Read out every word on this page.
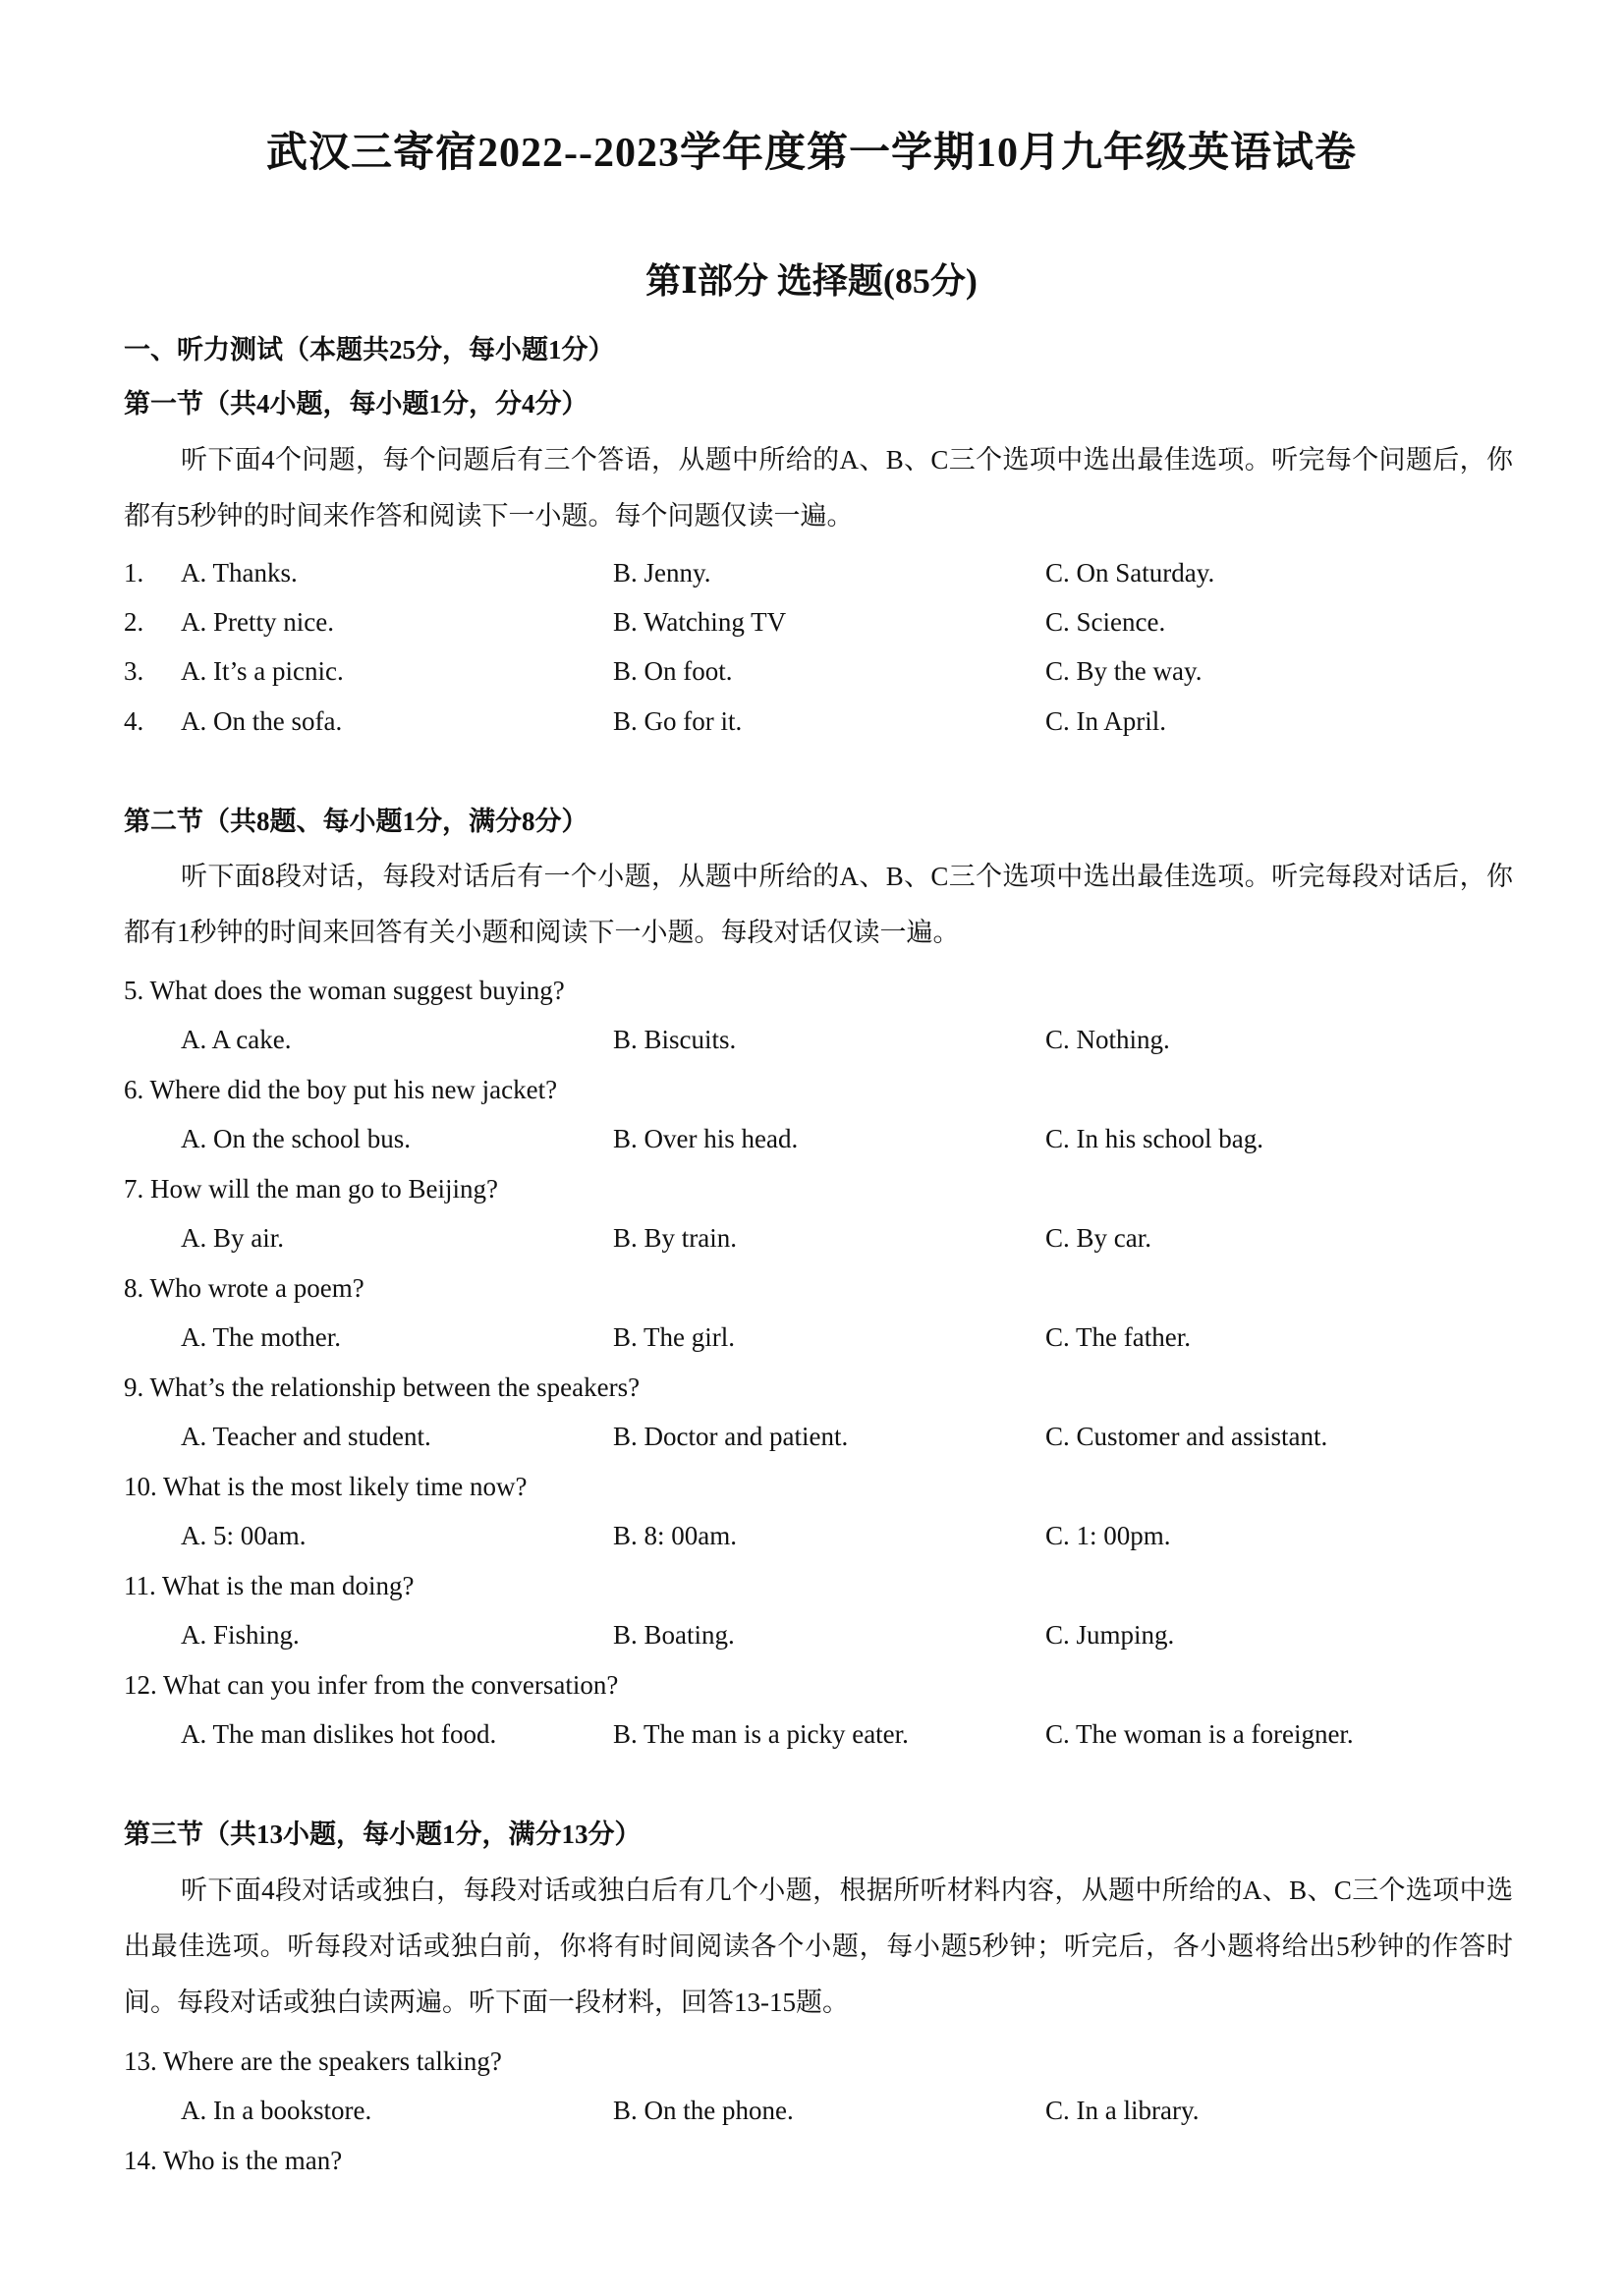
武汉三寄宿2022--2023学年度第一学期10月九年级英语试卷
第Ⅰ部分 选择题(85分)
一、听力测试（本题共25分，每小题1分）
第一节（共4小题，每小题1分，分4分）
听下面4个问题，每个问题后有三个答语，从题中所给的A、B、C三个选项中选出最佳选项。听完每个问题后，你都有5秒钟的时间来作答和阅读下一小题。每个问题仅读一遍。
1. A. Thanks.	B. Jenny.	C. On Saturday.
2. A. Pretty nice.	B. Watching TV	C. Science.
3. A. It’s a picnic.	B. On foot.	C. By the way.
4. A. On the sofa.	B. Go for it.	C. In April.
第二节（共8题、每小题1分，满分8分）
听下面8段对话，每段对话后有一个小题，从题中所给的A、B、C三个选项中选出最佳选项。听完每段对话后，你都有1秒钟的时间来回答有关小题和阅读下一小题。每段对话仅读一遍。
5. What does the woman suggest buying?
A. A cake.	B. Biscuits.	C. Nothing.
6. Where did the boy put his new jacket?
A. On the school bus.	B. Over his head.	C. In his school bag.
7. How will the man go to Beijing?
A. By air.	B. By train.	C. By car.
8. Who wrote a poem?
A. The mother.	B. The girl.	C. The father.
9. What’s the relationship between the speakers?
A. Teacher and student.	B. Doctor and patient.	C. Customer and assistant.
10. What is the most likely time now?
A. 5: 00am.	B. 8: 00am.	C. 1: 00pm.
11. What is the man doing?
A. Fishing.	B. Boating.	C. Jumping.
12. What can you infer from the conversation?
A. The man dislikes hot food.	B. The man is a picky eater.	C. The woman is a foreigner.
第三节（共13小题，每小题1分，满分13分）
听下面4段对话或独白，每段对话或独白后有几个小题，根据所听材料内容，从题中所给的A、B、C三个选项中选出最佳选项。听每段对话或独白前，你将有时间阅读各个小题，每小题5秒钟；听完后，各小题将给出5秒钟的作答时间。每段对话或独白读两遍。听下面一段材料，回答13-15题。
13. Where are the speakers talking?
A. In a bookstore.	B. On the phone.	C. In a library.
14. Who is the man?
